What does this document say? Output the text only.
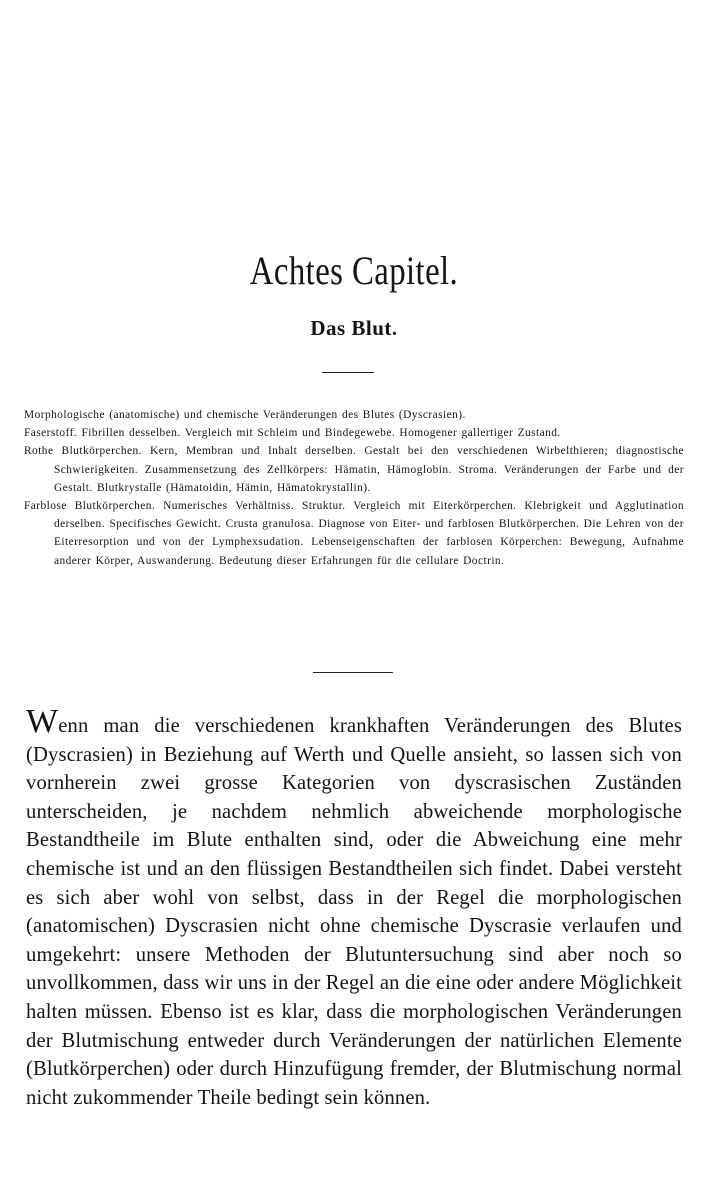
Achtes Capitel.
Das Blut.

Morphologische (anatomische) und chemische Veränderungen des Blutes (Dyscrasien).

Faserstoff. Fibrillen desselben. Vergleich mit Schleim und Bindegewebe. Homogener gallertiger Zustand.

Rothe Blutkörperchen. Kern, Membran und Inhalt derselben. Gestalt bei den verschiedenen Wirbelthieren; diagnostische Schwierigkeiten. Zusammensetzung des Zellkörpers: Hämatin, Hämoglobin. Stroma. Veränderungen der Farbe und der Gestalt. Blutkrystalle (Hämatoidin, Hämin, Hämatokrystallin).

Farblose Blutkörperchen. Numerisches Verhältniss. Struktur. Vergleich mit Eiterkörperchen. Klebrigkeit und Agglutination derselben. Specifisches Gewicht. Crusta granulosa. Diagnose von Eiter- und farblosen Blutkörperchen. Die Lehren von der Eiterresorption und von der Lymphexsudation. Lebenseigenschaften der farblosen Körperchen: Bewegung, Aufnahme anderer Körper, Auswanderung. Bedeutung dieser Erfahrungen für die cellulare Doctrin.

Wenn man die verschiedenen krankhaften Veränderungen des Blutes (Dyscrasien) in Beziehung auf Werth und Quelle ansieht, so lassen sich von vornherein zwei grosse Kategorien von dyscrasischen Zuständen unterscheiden, je nachdem nehmlich abweichende morphologische Bestandtheile im Blute enthalten sind, oder die Abweichung eine mehr chemische ist und an den flüssigen Bestandtheilen sich findet. Dabei versteht es sich aber wohl von selbst, dass in der Regel die morphologischen (anatomischen) Dyscrasien nicht ohne chemische Dyscrasie verlaufen und umgekehrt: unsere Methoden der Blutuntersuchung sind aber noch so unvollkommen, dass wir uns in der Regel an die eine oder andere Möglichkeit halten müssen. Ebenso ist es klar, dass die morphologischen Veränderungen der Blutmischung entweder durch Veränderungen der natürlichen Elemente (Blutkörperchen) oder durch Hinzufügung fremder, der Blutmischung normal nicht zukommender Theile bedingt sein können.
